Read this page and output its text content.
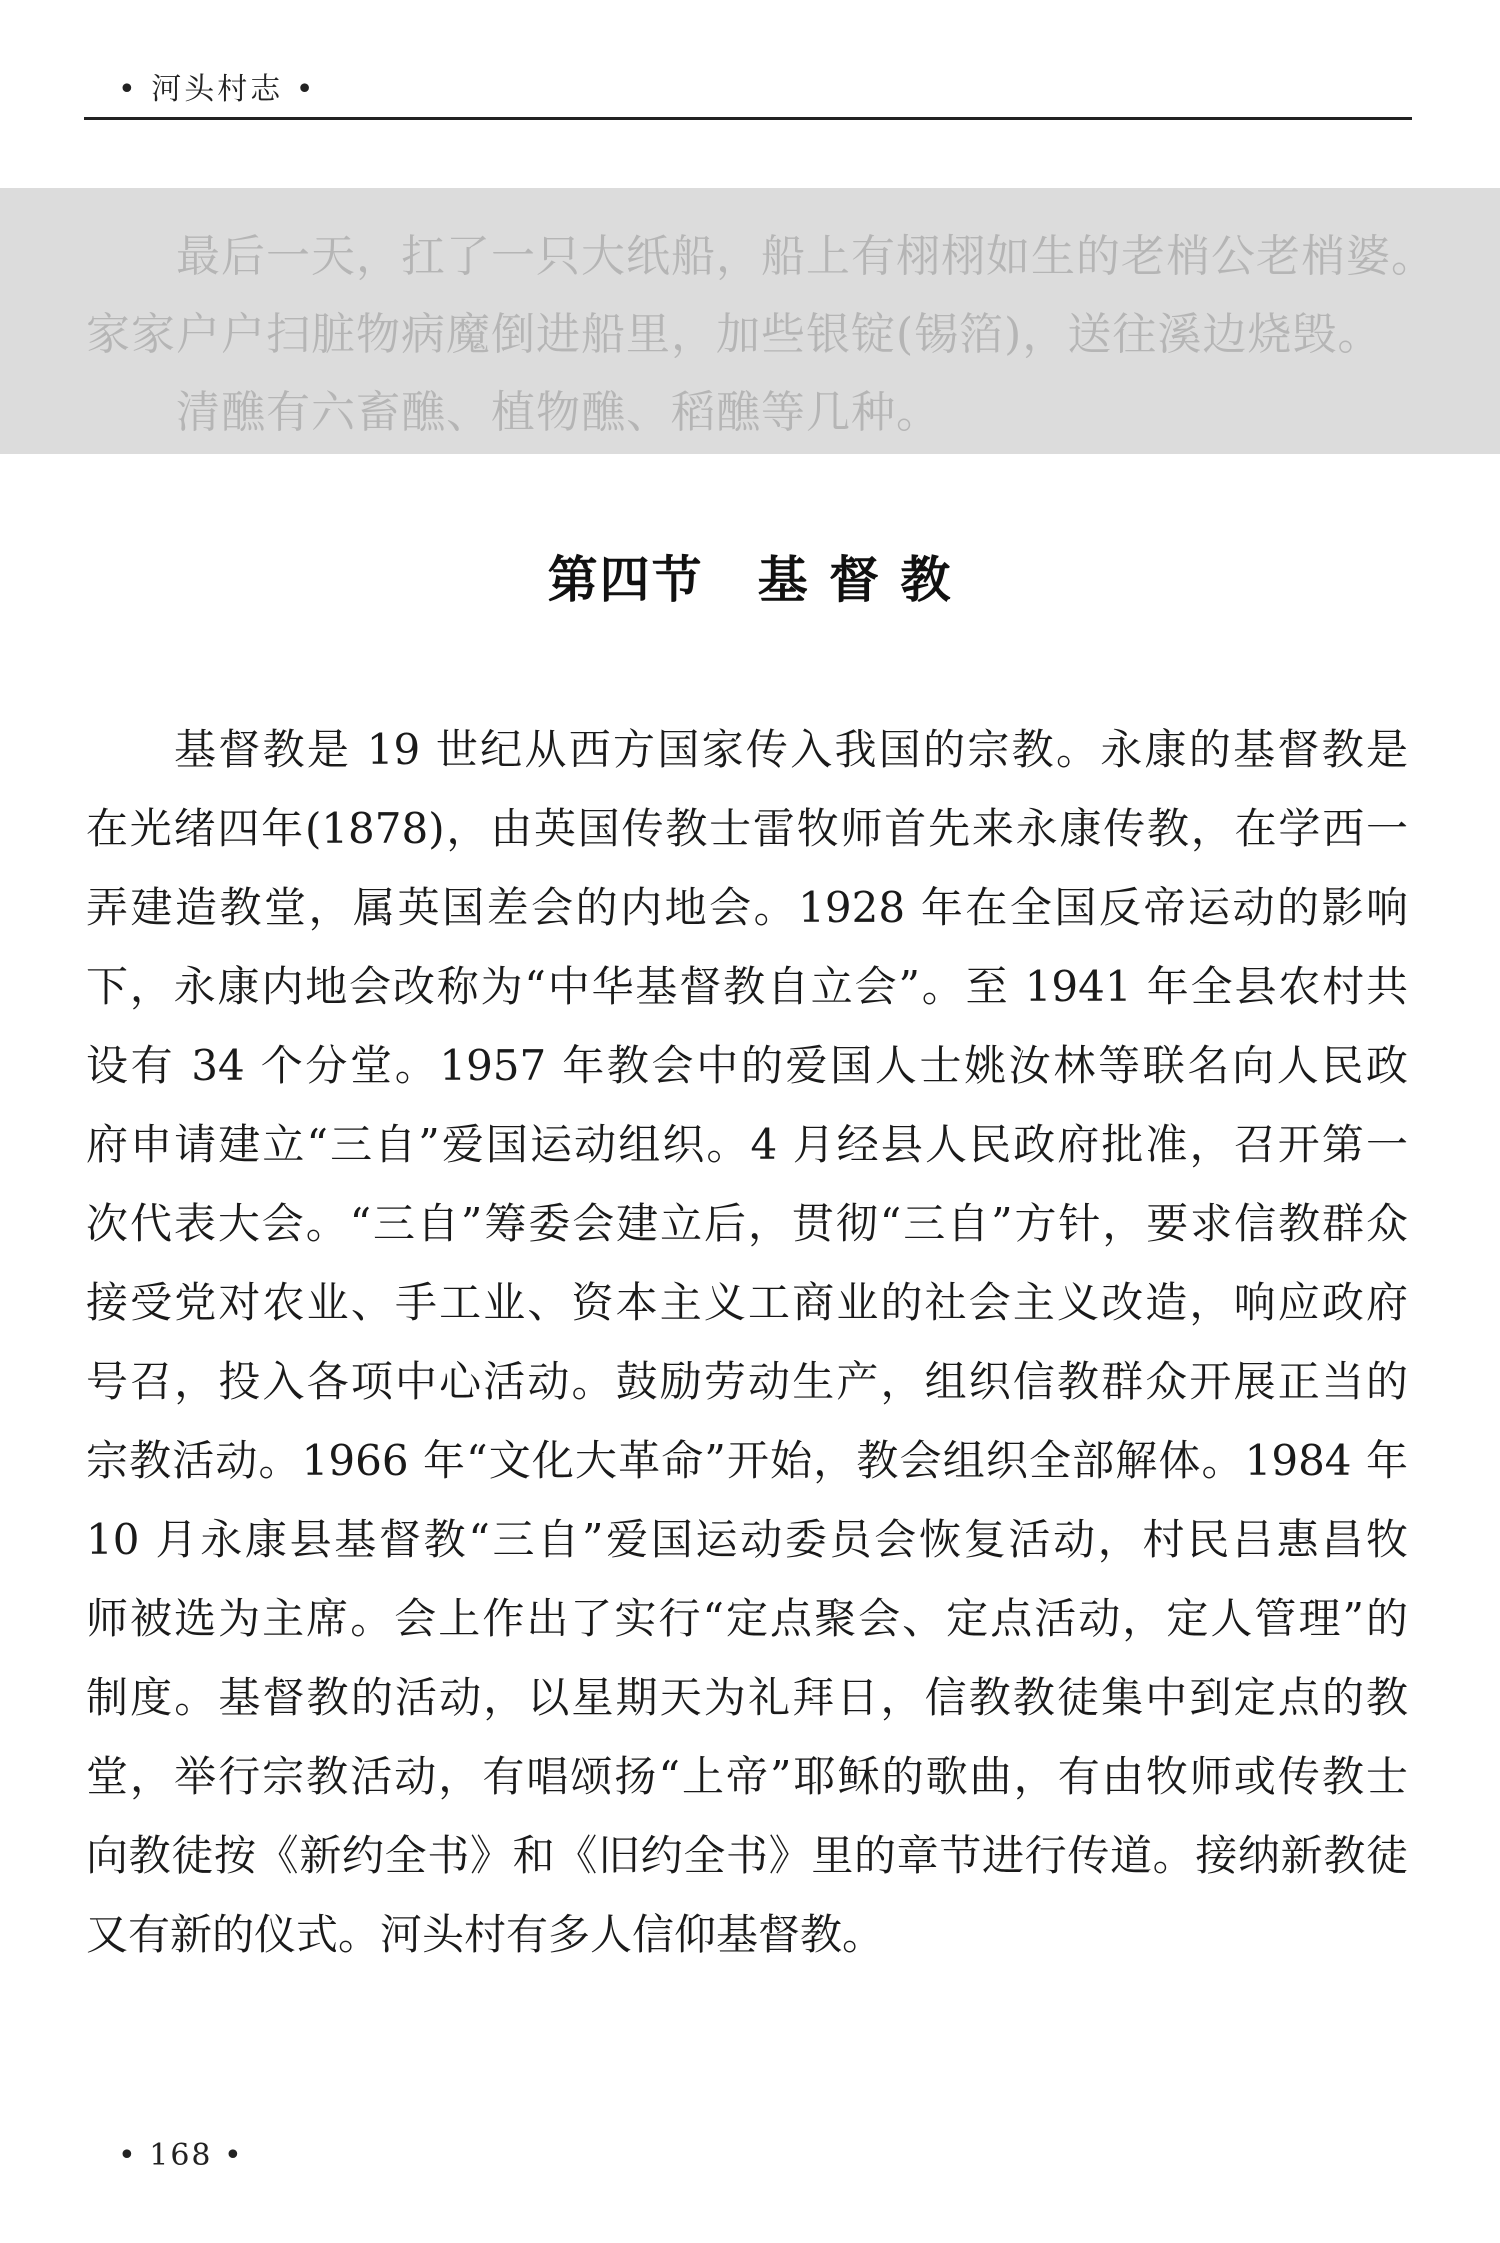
• 河头村志 •

最后一天，扛了一只大纸船，船上有栩栩如生的老梢公老梢婆。

家家户户扫脏物病魔倒进船里，加些银锭(锡箔)，送往溪边烧毁。

清醮有六畜醮、植物醮、稻醮等几种。

第四节 基 督 教
基督教是 19 世纪从西方国家传入我国的宗教。永康的基督教是
在光绪四年(1878)，由英国传教士雷牧师首先来永康传教，在学西一
弄建造教堂，属英国差会的内地会。1928 年在全国反帝运动的影响
下，永康内地会改称为“中华基督教自立会”。至 1941 年全县农村共
设有 34 个分堂。1957 年教会中的爱国人士姚汝林等联名向人民政
府申请建立“三自”爱国运动组织。4 月经县人民政府批准，召开第一
次代表大会。“三自”筹委会建立后，贯彻“三自”方针，要求信教群众
接受党对农业、手工业、资本主义工商业的社会主义改造，响应政府
号召，投入各项中心活动。鼓励劳动生产，组织信教群众开展正当的
宗教活动。1966 年“文化大革命”开始，教会组织全部解体。1984 年
10 月永康县基督教“三自”爱国运动委员会恢复活动，村民吕惠昌牧
师被选为主席。会上作出了实行“定点聚会、定点活动，定人管理”的
制度。基督教的活动，以星期天为礼拜日，信教教徒集中到定点的教
堂，举行宗教活动，有唱颂扬“上帝”耶稣的歌曲，有由牧师或传教士
向教徒按《新约全书》和《旧约全书》里的章节进行传道。接纳新教徒
又有新的仪式。河头村有多人信仰基督教。
• 168 •
